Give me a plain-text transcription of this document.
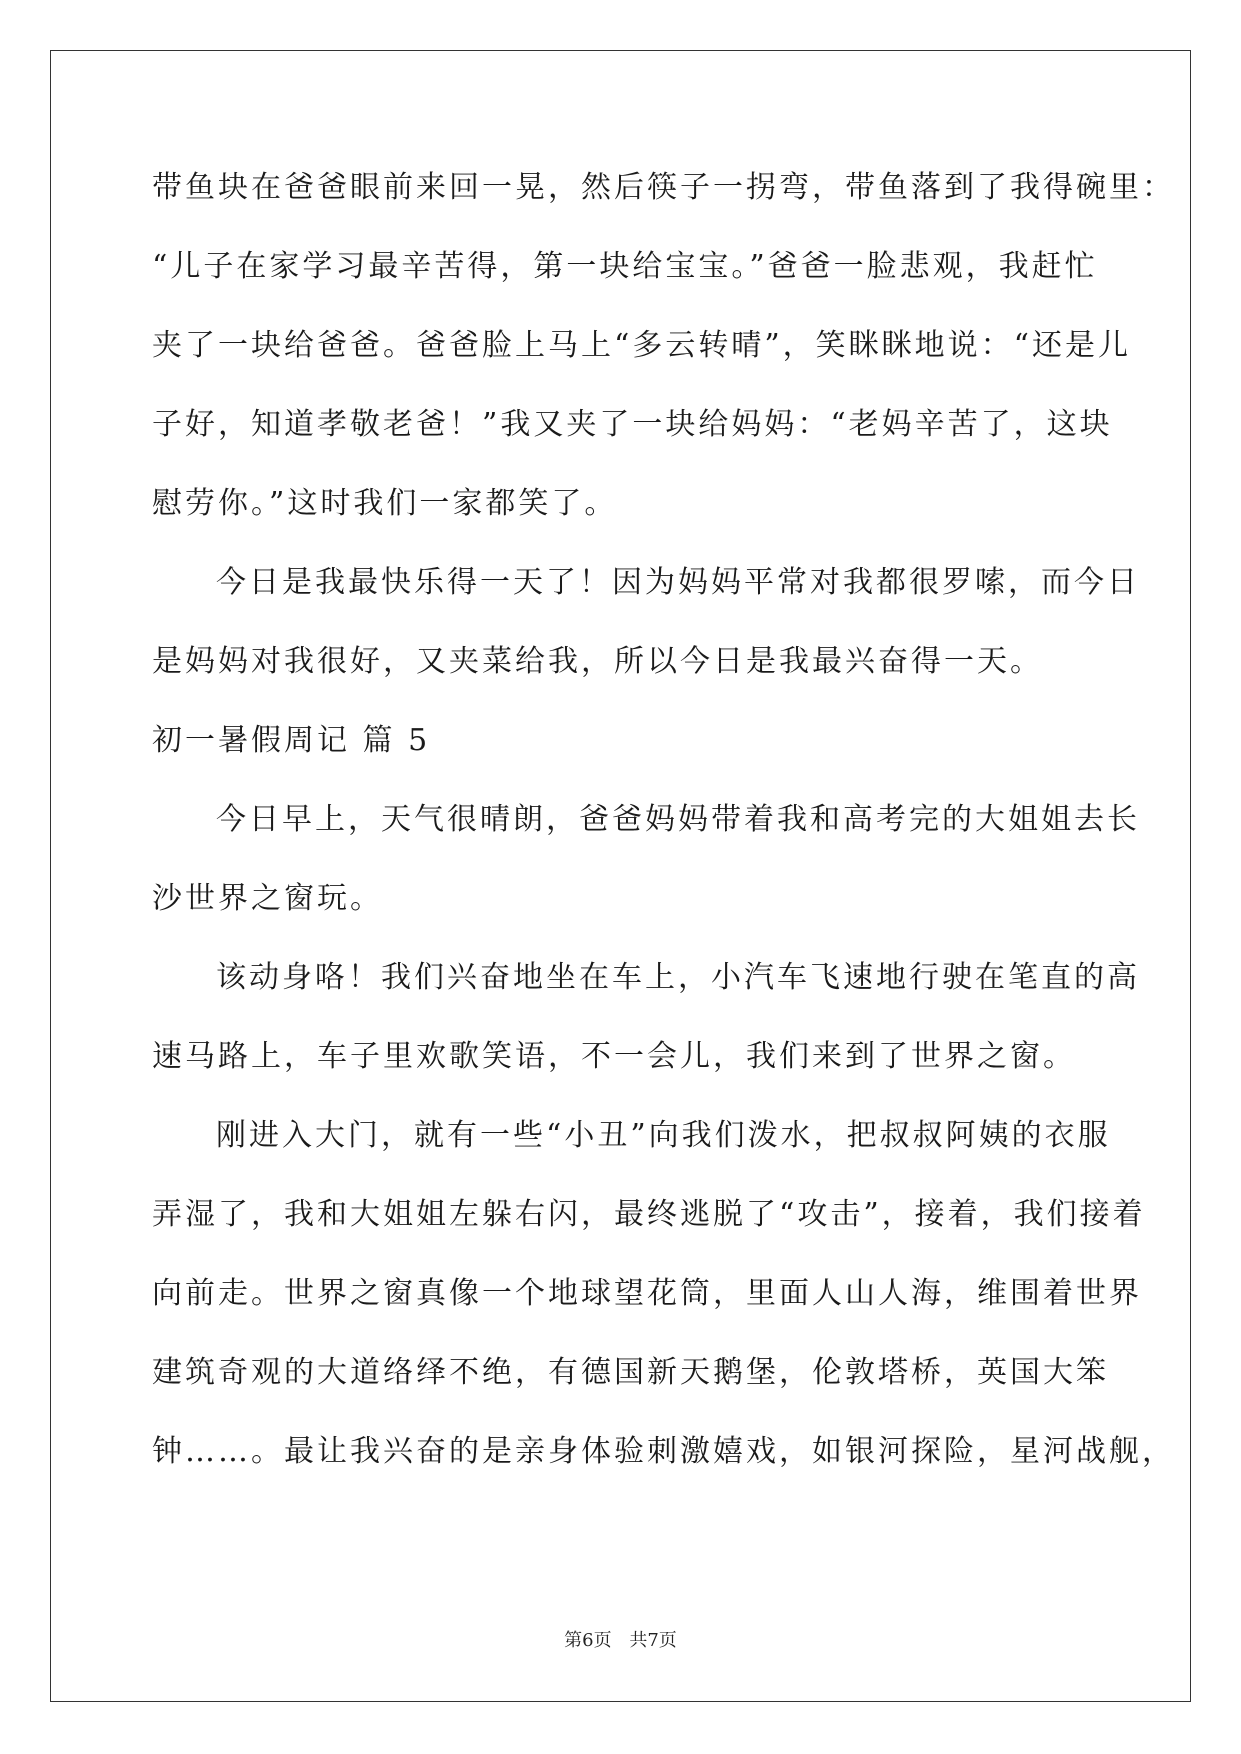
带鱼块在爸爸眼前来回一晃，然后筷子一拐弯，带鱼落到了我得碗里：
“儿子在家学习最辛苦得，第一块给宝宝。”爸爸一脸悲观，我赶忙
夹了一块给爸爸。爸爸脸上马上“多云转晴”，笑眯眯地说：“还是儿
子好，知道孝敬老爸！”我又夹了一块给妈妈：“老妈辛苦了，这块
慰劳你。”这时我们一家都笑了。
今日是我最快乐得一天了！因为妈妈平常对我都很罗嗦，而今日
是妈妈对我很好，又夹菜给我，所以今日是我最兴奋得一天。
初一暑假周记 篇 5
今日早上，天气很晴朗，爸爸妈妈带着我和高考完的大姐姐去长
沙世界之窗玩。
该动身咯！我们兴奋地坐在车上，小汽车飞速地行驶在笔直的高
速马路上，车子里欢歌笑语，不一会儿，我们来到了世界之窗。
刚进入大门，就有一些“小丑”向我们泼水，把叔叔阿姨的衣服
弄湿了，我和大姐姐左躲右闪，最终逃脱了“攻击”，接着，我们接着
向前走。世界之窗真像一个地球望花筒，里面人山人海，维围着世界
建筑奇观的大道络绎不绝，有德国新天鹅堡，伦敦塔桥，英国大笨
钟……。最让我兴奋的是亲身体验刺激嬉戏，如银河探险，星河战舰，
第6页 共7页
